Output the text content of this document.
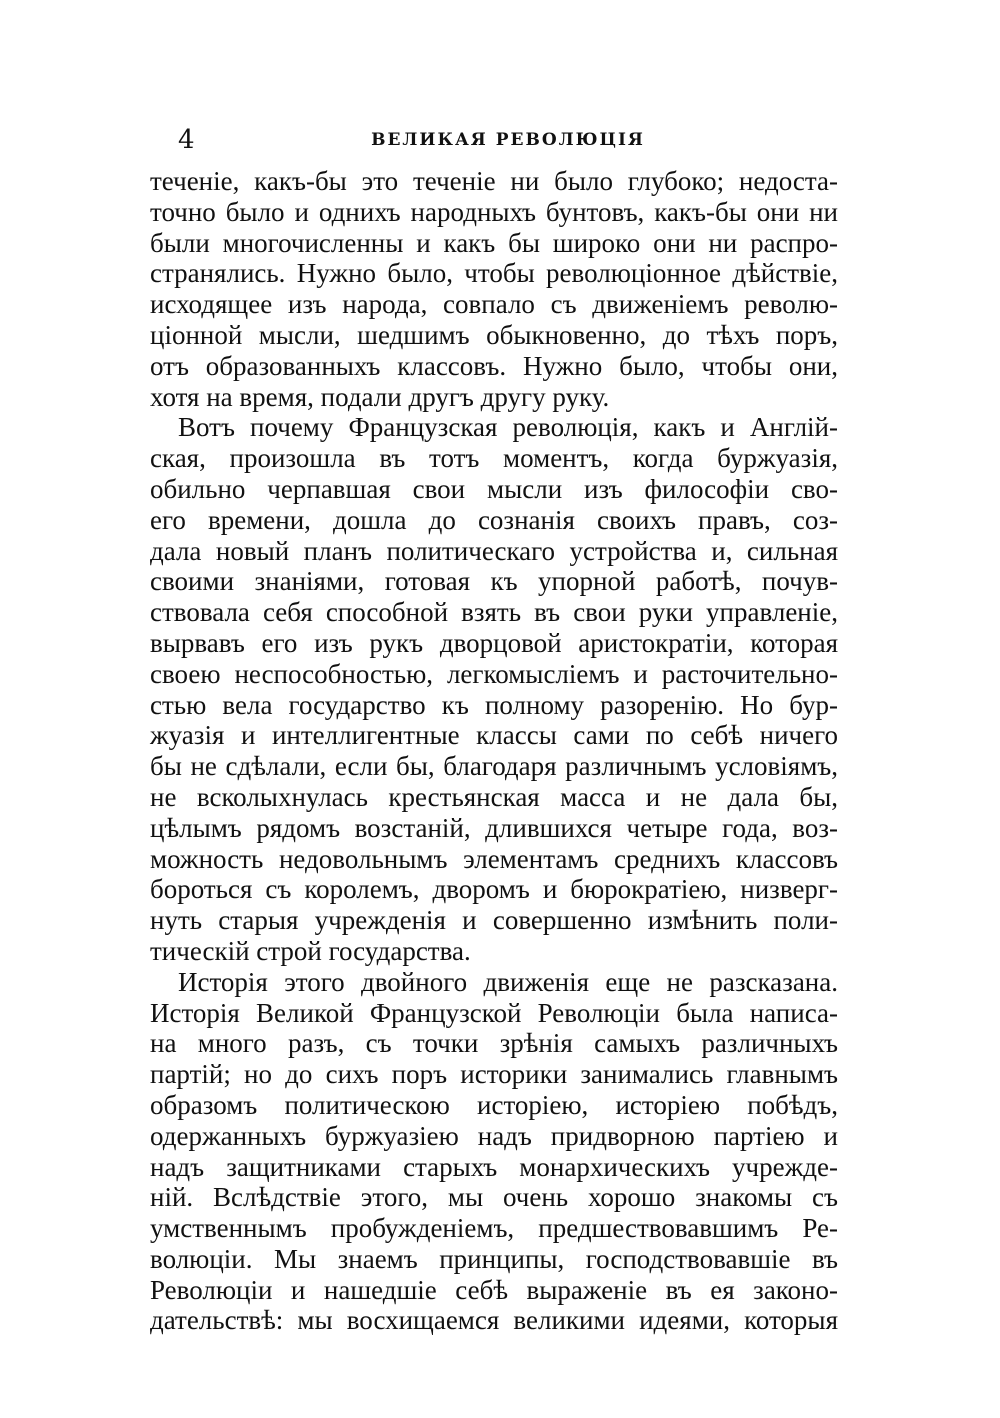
4	ВЕЛИКАЯ РЕВОЛЮЦІЯ
теченіе, какъ-бы это теченіе ни было глубоко; недоста-
точно было и однихъ народныхъ бунтовъ, какъ-бы они ни
были многочисленны и какъ бы широко они ни распро-
странялись. Нужно было, чтобы революціонное дѣйствіе,
исходящее изъ народа, совпало съ движеніемъ револю-
ціонной мысли, шедшимъ обыкновенно, до тѣхъ поръ,
отъ образованныхъ классовъ. Нужно было, чтобы они,
хотя на время, подали другъ другу руку.
Вотъ почему Французская революція, какъ и Англій-
ская, произошла въ тотъ моментъ, когда буржуазія,
обильно черпавшая свои мысли изъ философіи сво-
его времени, дошла до сознанія своихъ правъ, соз-
дала новый планъ политическаго устройства и, сильная
своими знаніями, готовая къ упорной работѣ, почув-
ствовала себя способной взять въ свои руки управленіе,
вырвавъ его изъ рукъ дворцовой аристократіи, которая
своею неспособностью, легкомысліемъ и расточительно-
стью вела государство къ полному разоренію. Но бур-
жуазія и интеллигентные классы сами по себѣ ничего
бы не сдѣлали, если бы, благодаря различнымъ условіямъ,
не всколыхнулась крестьянская масса и не дала бы,
цѣлымъ рядомъ возстаній, длившихся четыре года, воз-
можность недовольнымъ элементамъ среднихъ классовъ
бороться съ королемъ, дворомъ и бюрократіею, низверг-
нуть старыя учрежденія и совершенно измѣнить поли-
тическій строй государства.
Исторія этого двойного движенія еще не разсказана.
Исторія Великой Французской Революціи была написа-
на много разъ, съ точки зрѣнія самыхъ различныхъ
партій; но до сихъ поръ историки занимались главнымъ
образомъ политическою исторіею, исторіею побѣдъ,
одержанныхъ буржуазіею надъ придворною партіею и
надъ защитниками старыхъ монархическихъ учрежде-
ній. Вслѣдствіе этого, мы очень хорошо знакомы съ
умственнымъ пробужденіемъ, предшествовавшимъ Ре-
волюціи. Мы знаемъ принципы, господствовавшіе въ
Революціи и нашедшіе себѣ выраженіе въ ея законо-
дательствѣ: мы восхищаемся великими идеями, которыя
